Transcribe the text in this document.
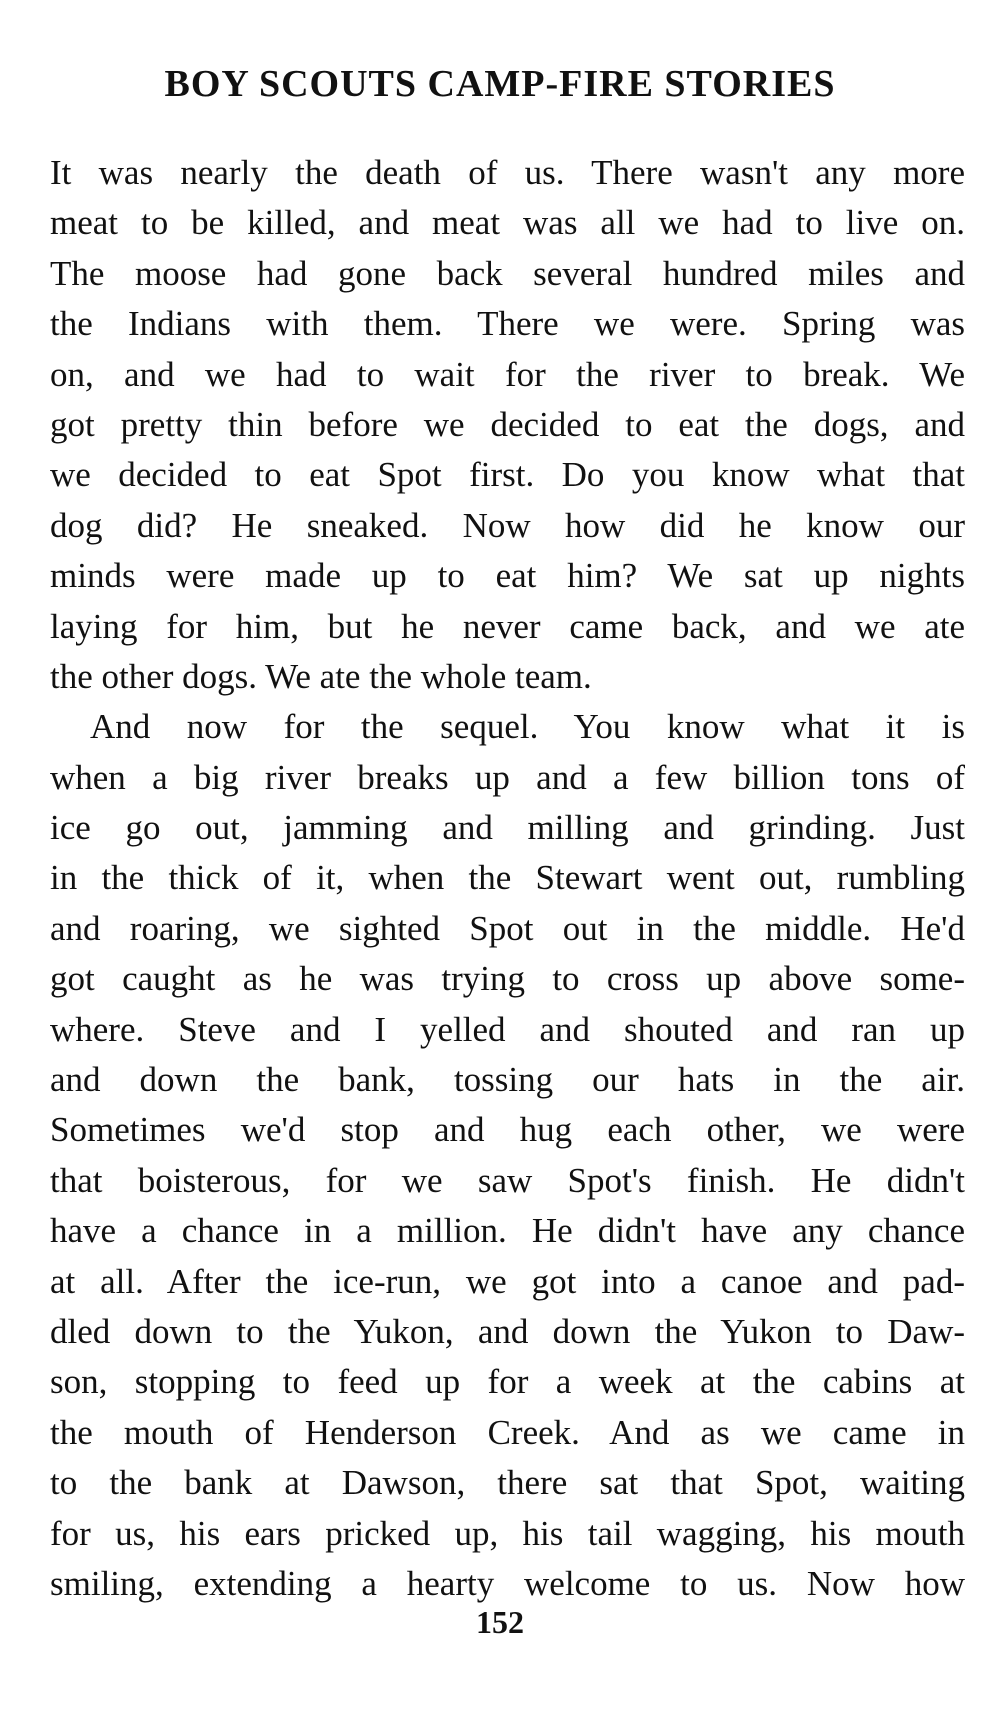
BOY SCOUTS CAMP-FIRE STORIES
It was nearly the death of us. There wasn't any more
meat to be killed, and meat was all we had to live on.
The moose had gone back several hundred miles and
the Indians with them. There we were. Spring was
on, and we had to wait for the river to break. We
got pretty thin before we decided to eat the dogs, and
we decided to eat Spot first. Do you know what that
dog did? He sneaked. Now how did he know our
minds were made up to eat him? We sat up nights
laying for him, but he never came back, and we ate
the other dogs. We ate the whole team.
And now for the sequel. You know what it is
when a big river breaks up and a few billion tons of
ice go out, jamming and milling and grinding. Just
in the thick of it, when the Stewart went out, rumbling
and roaring, we sighted Spot out in the middle. He'd
got caught as he was trying to cross up above some-
where. Steve and I yelled and shouted and ran up
and down the bank, tossing our hats in the air.
Sometimes we'd stop and hug each other, we were
that boisterous, for we saw Spot's finish. He didn't
have a chance in a million. He didn't have any chance
at all. After the ice-run, we got into a canoe and pad-
dled down to the Yukon, and down the Yukon to Daw-
son, stopping to feed up for a week at the cabins at
the mouth of Henderson Creek. And as we came in
to the bank at Dawson, there sat that Spot, waiting
for us, his ears pricked up, his tail wagging, his mouth
smiling, extending a hearty welcome to us. Now how

152
